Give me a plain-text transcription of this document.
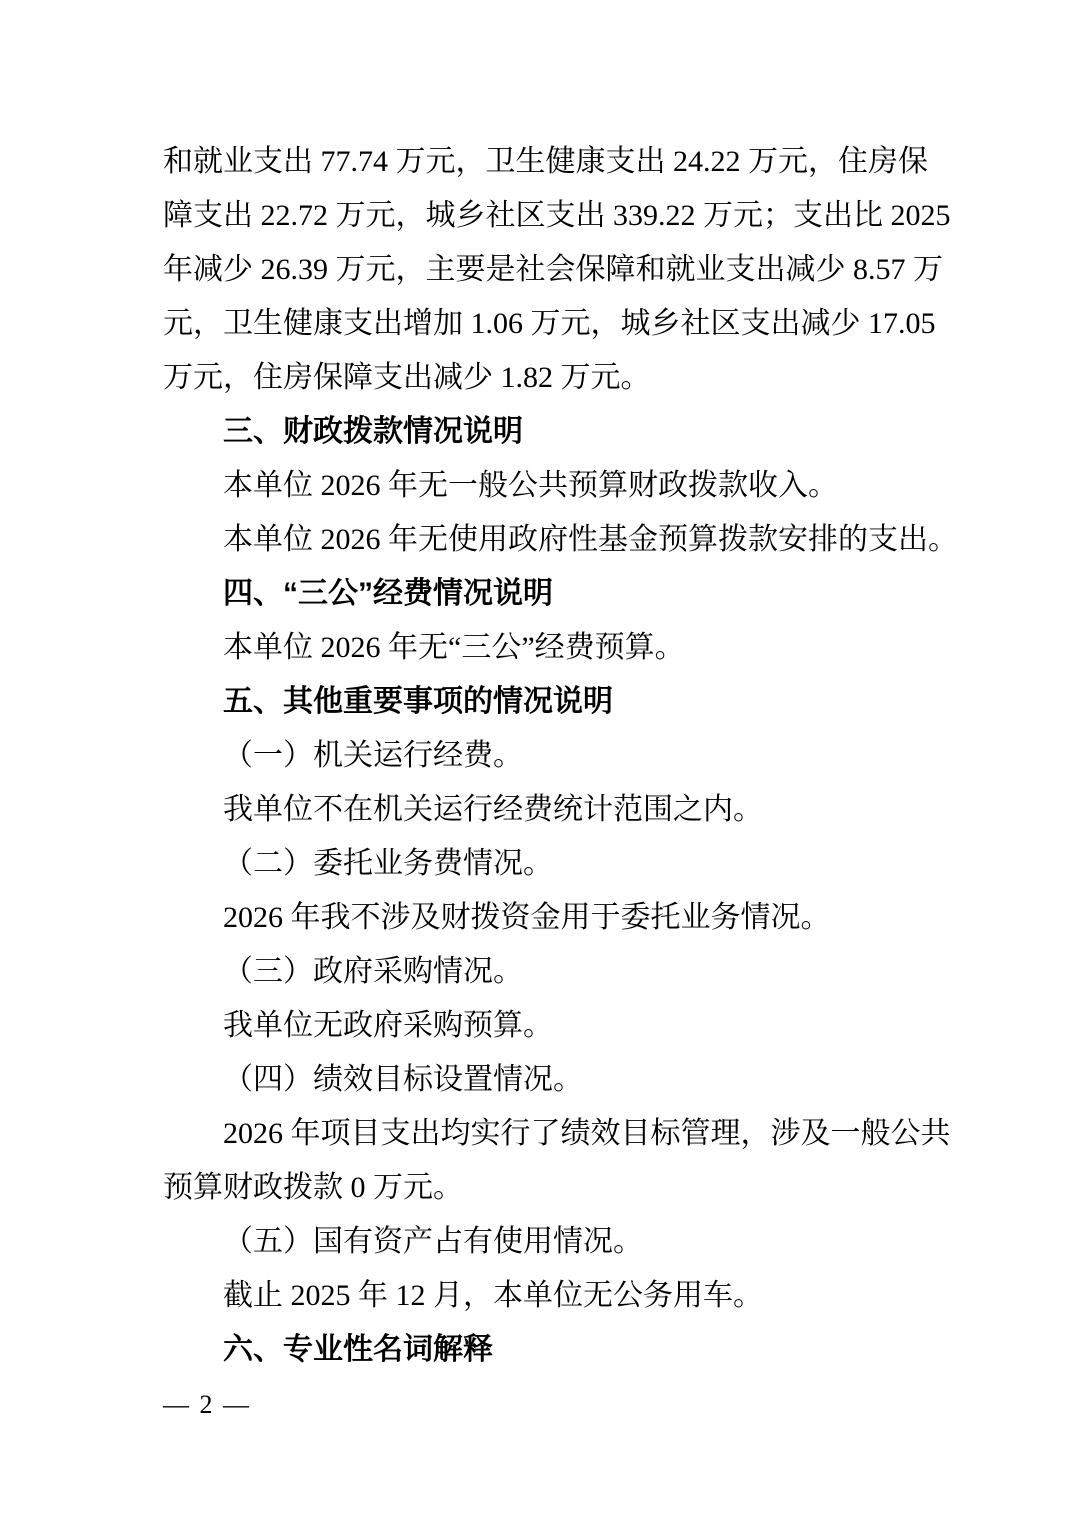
和就业支出 77.74 万元，卫生健康支出 24.22 万元，住房保
障支出 22.72 万元，城乡社区支出 339.22 万元；支出比 2025
年减少 26.39 万元，主要是社会保障和就业支出减少 8.57 万
元，卫生健康支出增加 1.06 万元，城乡社区支出减少 17.05
万元，住房保障支出减少 1.82 万元。
三、财政拨款情况说明
本单位 2026 年无一般公共预算财政拨款收入。
本单位 2026 年无使用政府性基金预算拨款安排的支出。
四、“三公”经费情况说明
本单位 2026 年无“三公”经费预算。
五、其他重要事项的情况说明
（一）机关运行经费。
我单位不在机关运行经费统计范围之内。
（二）委托业务费情况。
2026 年我不涉及财拨资金用于委托业务情况。
（三）政府采购情况。
我单位无政府采购预算。
（四）绩效目标设置情况。
2026 年项目支出均实行了绩效目标管理，涉及一般公共
预算财政拨款 0 万元。
（五）国有资产占有使用情况。
截止 2025 年 12 月，本单位无公务用车。
六、专业性名词解释
— 2 —
